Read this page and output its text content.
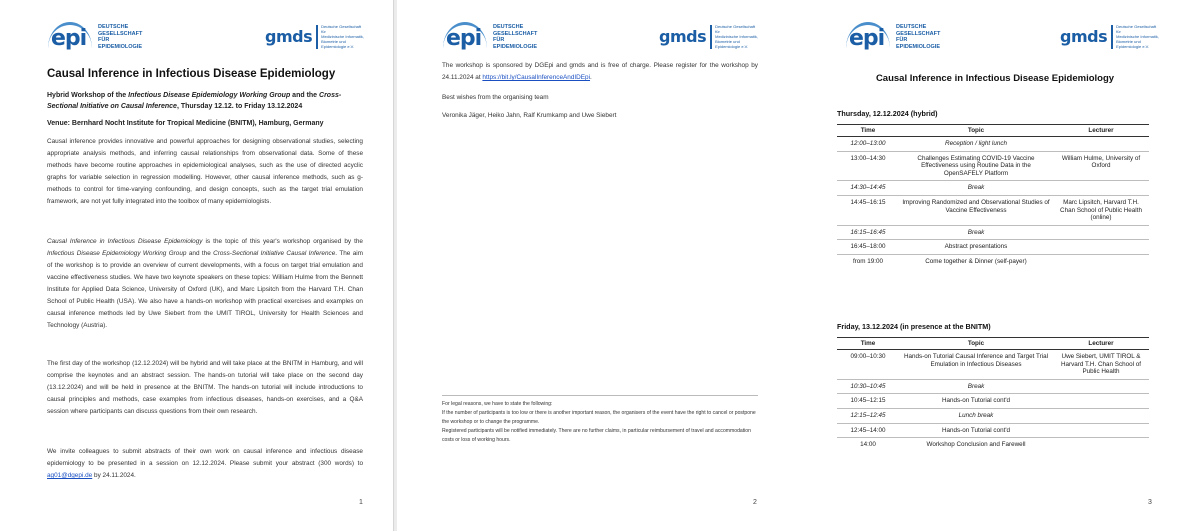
epi DEUTSCHE
GESELLSCHAFT
FÜR
EPIDEMIOLOGIE
gmds
Deutsche Gesellschaft für
Medizinische Informatik,
Biometrie und
Epidemiologie e.V.
Causal Inference in Infectious Disease Epidemiology
Hybrid Workshop of the Infectious Disease Epidemiology Working Group and the Cross-Sectional Initiative on Causal Inference, Thursday 12.12. to Friday 13.12.2024
Venue: Bernhard Nocht Institute for Tropical Medicine (BNITM), Hamburg, Germany
Causal inference provides innovative and powerful approaches for designing observational studies, selecting appropriate analysis methods, and inferring causal relationships from observational data. Some of these methods have become routine approaches in epidemiological analyses, such as the use of directed acyclic graphs for variable selection in regression modelling. However, other causal inference methods, such as g-methods to control for time-varying confounding, and design concepts, such as the target trial emulation framework, are not yet fully integrated into the toolbox of many epidemiologists.
Causal Inference in Infectious Disease Epidemiology is the topic of this year's workshop organised by the Infectious Disease Epidemiology Working Group and the Cross-Sectional Initiative Causal Inference. The aim of the workshop is to provide an overview of current developments, with a focus on target trial emulation and vaccine effectiveness studies. We have two keynote speakers on these topics: William Hulme from the Bennett Institute for Applied Data Science, University of Oxford (UK), and Marc Lipsitch from the Harvard T.H. Chan School of Public Health (USA). We also have a hands-on workshop with practical exercises and examples on causal inference methods led by Uwe Siebert from the UMIT TIROL, University for Health Sciences and Technology (Austria).
The first day of the workshop (12.12.2024) will be hybrid and will take place at the BNITM in Hamburg, and will comprise the keynotes and an abstract session. The hands-on tutorial will take place on the second day (13.12.2024) and will be held in presence at the BNITM. The hands-on tutorial will include introductions to causal principles and methods, case examples from infectious diseases, hands-on exercises, and a Q&A session where participants can discuss questions from their own research.
We invite colleagues to submit abstracts of their own work on causal inference and infectious disease epidemiology to be presented in a session on 12.12.2024. Please submit your abstract (300 words) to ag01@dgepi.de by 24.11.2024.
1
epi DEUTSCHE
GESELLSCHAFT
FÜR
EPIDEMIOLOGIE
gmds
Deutsche Gesellschaft für
Medizinische Informatik,
Biometrie und
Epidemiologie e.V.
The workshop is sponsored by DGEpi and gmds and is free of charge. Please register for the workshop by 24.11.2024 at https://bit.ly/CausalInferenceAndIDEpi.
Best wishes from the organising team
Veronika Jäger, Heiko Jahn, Ralf Krumkamp and Uwe Siebert
For legal reasons, we have to state the following:
If the number of participants is too low or there is another important reason, the organisers of the event have the right to cancel or postpone the workshop or to change the programme.
Registered participants will be notified immediately. There are no further claims, in particular reimbursement of travel and accommodation costs or loss of working hours.
2
epi DEUTSCHE
GESELLSCHAFT
FÜR
EPIDEMIOLOGIE
gmds
Deutsche Gesellschaft für
Medizinische Informatik,
Biometrie und
Epidemiologie e.V.
Causal Inference in Infectious Disease Epidemiology
Thursday, 12.12.2024 (hybrid)
Time	Topic	Lecturer
12:00–13:00	Reception / light lunch	
13:00–14:30	Challenges Estimating COVID-19 Vaccine Effectiveness using Routine Data in the OpenSAFELY Platform	William Hulme, University of Oxford
14:30–14:45	Break	
14:45–16:15	Improving Randomized and Observational Studies of Vaccine Effectiveness	Marc Lipsitch, Harvard T.H. Chan School of Public Health (online)
16:15–16:45	Break	
16:45–18:00	Abstract presentations	
from 19:00	Come together & Dinner (self-payer)	
Friday, 13.12.2024 (in presence at the BNITM)
Time	Topic	Lecturer
09:00–10:30	Hands-on Tutorial Causal Inference and Target Trial Emulation in Infectious Diseases	Uwe Siebert, UMIT TIROL & Harvard T.H. Chan School of Public Health
10:30–10:45	Break	
10:45–12:15	Hands-on Tutorial cont'd	
12:15–12:45	Lunch break	
12:45–14:00	Hands-on Tutorial cont'd	
14:00	Workshop Conclusion and Farewell	
3
